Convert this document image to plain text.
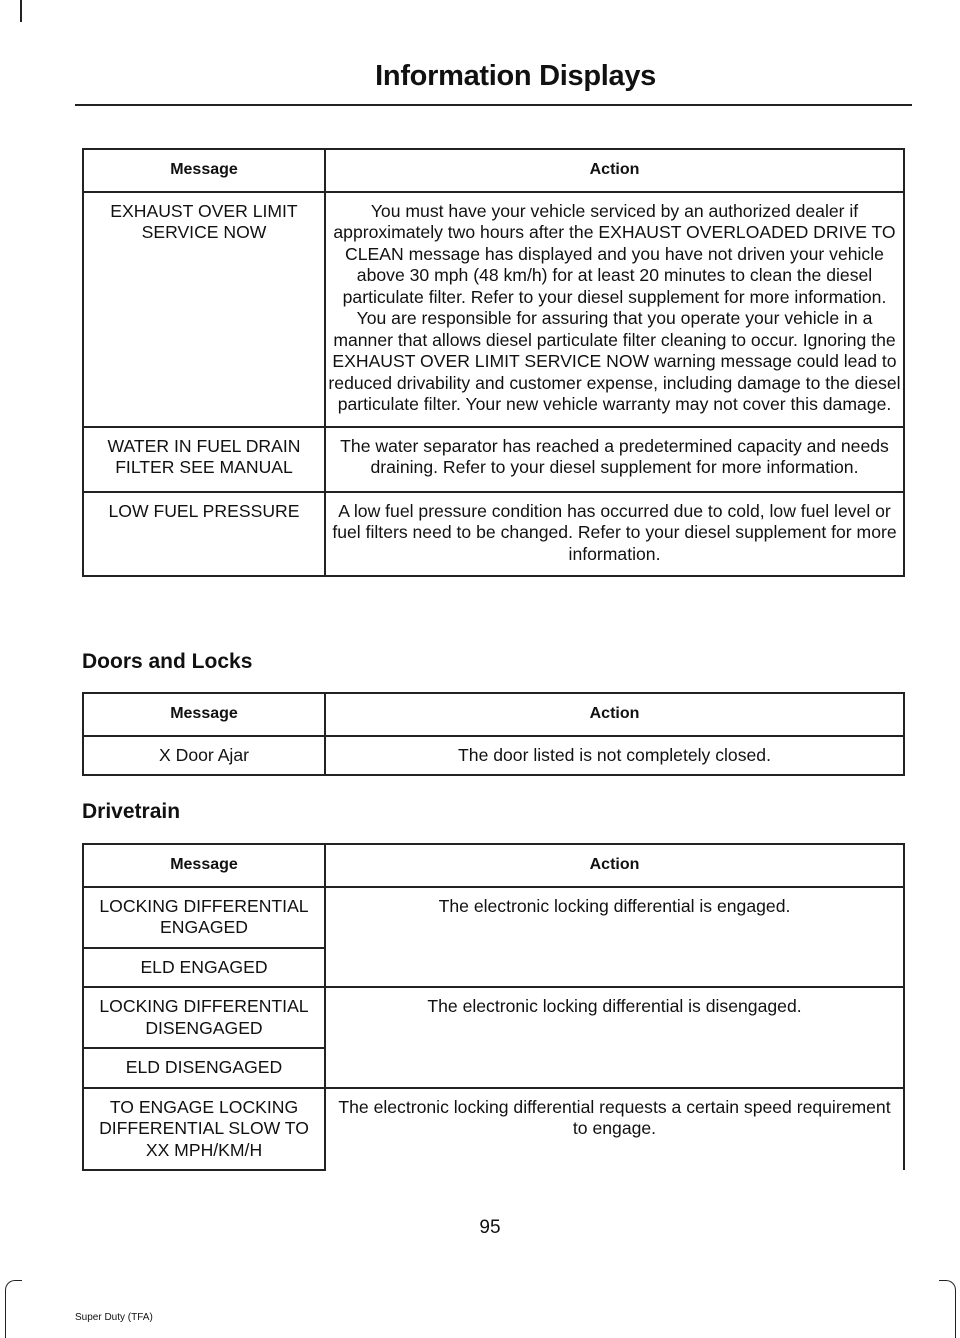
Information Displays
Message	Action
EXHAUST OVER LIMIT SERVICE NOW	You must have your vehicle serviced by an authorized dealer if approximately two hours after the EXHAUST OVERLOADED DRIVE TO CLEAN message has displayed and you have not driven your vehicle above 30 mph (48 km/h) for at least 20 minutes to clean the diesel particulate filter. Refer to your diesel supplement for more information.

You are responsible for assuring that you operate your vehicle in a manner that allows diesel particulate filter cleaning to occur. Ignoring the EXHAUST OVER LIMIT SERVICE NOW warning message could lead to reduced drivability and customer expense, including damage to the diesel particulate filter. Your new vehicle warranty may not cover this damage.

WATER IN FUEL DRAIN FILTER SEE MANUAL	The water separator has reached a predetermined capacity and needs draining. Refer to your diesel supplement for more information.

LOW FUEL PRESSURE	A low fuel pressure condition has occurred due to cold, low fuel level or fuel filters need to be changed. Refer to your diesel supplement for more information.

Doors and Locks
Message	Action
X Door Ajar	The door listed is not completely closed.
Drivetrain
Message	Action
LOCKING DIFFERENTIAL ENGAGED	The electronic locking differential is engaged.
ELD ENGAGED	
LOCKING DIFFERENTIAL DISENGAGED	The electronic locking differential is disengaged.
ELD DISENGAGED	
TO ENGAGE LOCKING DIFFERENTIAL SLOW TO XX MPH/KM/H	The electronic locking differential requests a certain speed requirement to engage.
95
Super Duty (TFA)
